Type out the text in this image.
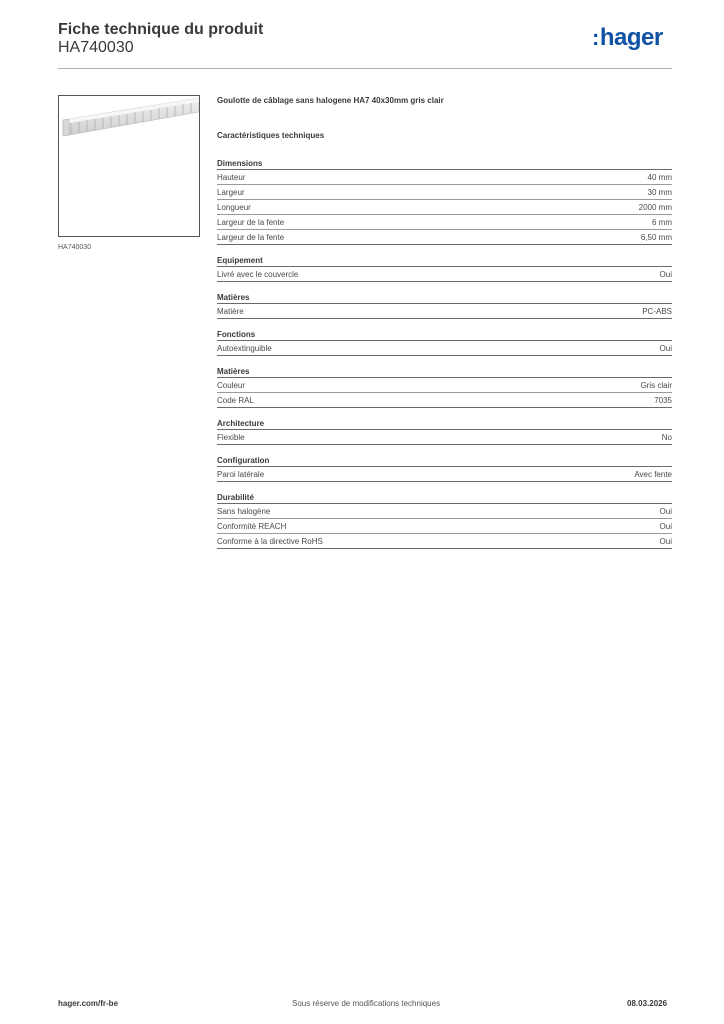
Fiche technique du produit
HA740030	:hager
HA740030
Goulotte de câblage sans halogene HA7 40x30mm gris clair
Caractéristiques techniques
Dimensions
Hauteur	40 mm
Largeur	30 mm
Longueur	2000 mm
Largeur de la fente	6 mm
Largeur de la fente	6,50 mm
Equipement
Livré avec le couvercle	Oui
Matières
Matière	PC-ABS
Fonctions
Autoextinguible	Oui
Matières
Couleur	Gris clair
Code RAL	7035
Architecture
Flexible	No
Configuration
Paroi latérale	Avec fente
Durabilité
Sans halogène	Oui
Conformité REACH	Oui
Conforme à la directive RoHS	Oui
hager.com/fr-be	Sous réserve de modifications techniques	08.03.2026
